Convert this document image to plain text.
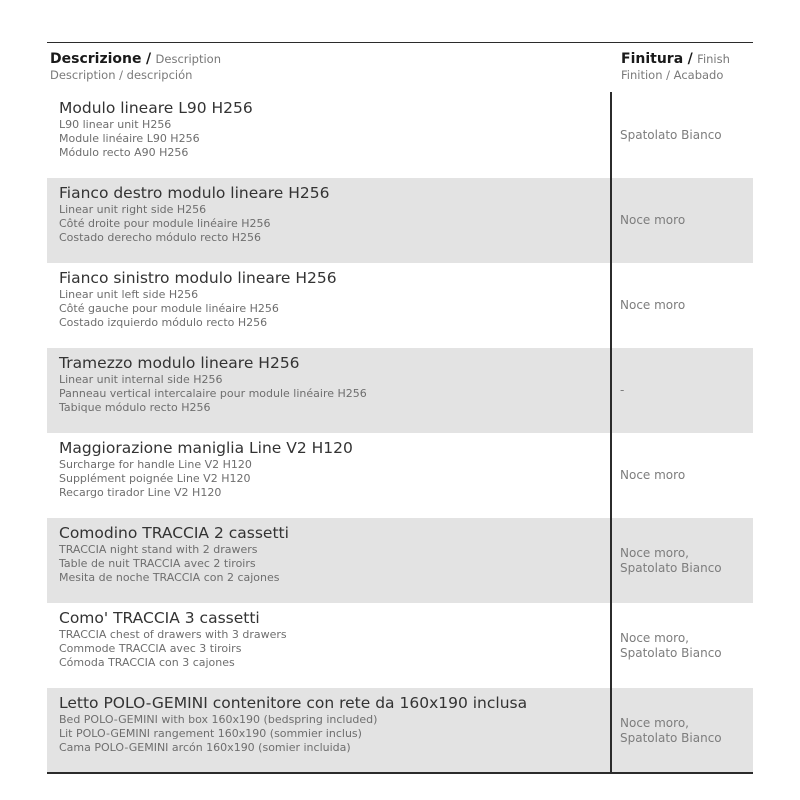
Descrizione / Description
Description / descripción
Finitura / Finish
Finition / Acabado
Modulo lineare L90 H256
L90 linear unit H256
Module linéaire L90 H256
Módulo recto A90 H256
Spatolato Bianco
Fianco destro modulo lineare H256
Linear unit right side H256
Côté droite pour module linéaire H256
Costado derecho módulo recto H256
Noce moro
Fianco sinistro modulo lineare H256
Linear unit left side H256
Côté gauche pour module linéaire H256
Costado izquierdo módulo recto H256
Noce moro
Tramezzo modulo lineare H256
Linear unit internal side H256
Panneau vertical intercalaire pour module linéaire H256
Tabique módulo recto H256
-
Maggiorazione maniglia Line V2 H120
Surcharge for handle Line V2 H120
Supplément poignée Line V2 H120
Recargo tirador Line V2 H120
Noce moro
Comodino TRACCIA 2 cassetti
TRACCIA night stand with 2 drawers
Table de nuit TRACCIA avec 2 tiroirs
Mesita de noche TRACCIA con 2 cajones
Noce moro,
Spatolato Bianco
Como' TRACCIA 3 cassetti
TRACCIA chest of drawers with 3 drawers
Commode TRACCIA avec 3 tiroirs
Cómoda TRACCIA con 3 cajones
Noce moro,
Spatolato Bianco
Letto POLO-GEMINI contenitore con rete da 160x190 inclusa
Bed POLO-GEMINI with box 160x190 (bedspring included)
Lit POLO-GEMINI rangement 160x190 (sommier inclus)
Cama POLO-GEMINI arcón 160x190 (somier incluida)
Noce moro,
Spatolato Bianco
